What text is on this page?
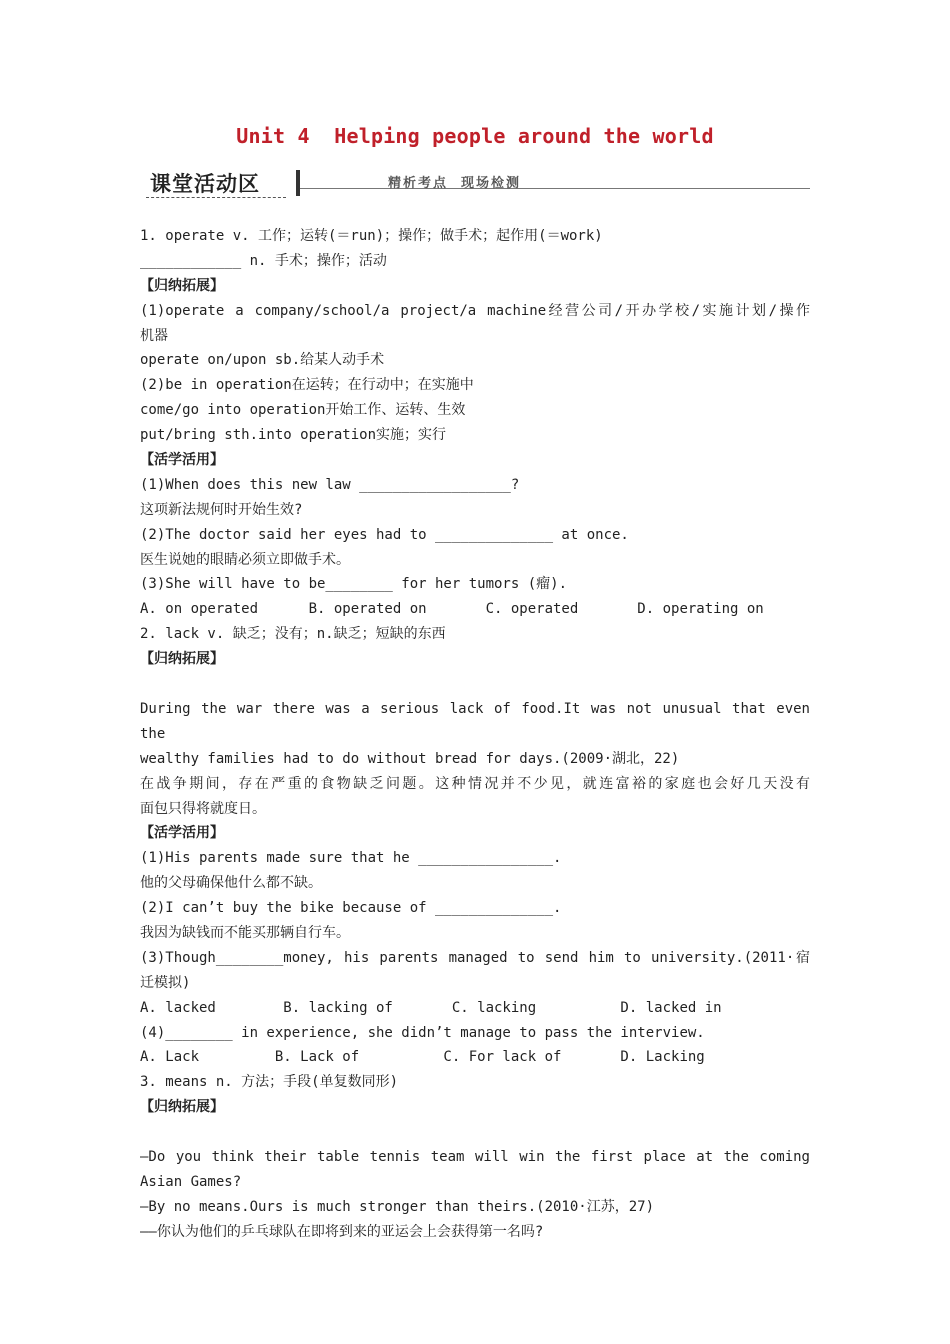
Unit 4  Helping people around the world
课堂活动区	精析考点  现场检测
1. operate v. 工作；运转(＝run)；操作；做手术；起作用(＝work)
____________ n. 手术；操作；活动
【归纳拓展】
(1)operate a company/school/a project/a machine经营公司/开办学校/实施计划/操作
机器
operate on/upon sb.给某人动手术
(2)be in operation在运转；在行动中；在实施中
come/go into operation开始工作、运转、生效
put/bring sth.into operation实施；实行
【活学活用】
(1)When does this new law __________________?
这项新法规何时开始生效?
(2)The doctor said her eyes had to ______________ at once.
医生说她的眼睛必须立即做手术。
(3)She will have to be________ for her tumors (瘤).
A. on operated      B. operated on       C. operated       D. operating on
2. lack v. 缺乏；没有；n.缺乏；短缺的东西
【归纳拓展】
During the war there was a serious lack of food.It was not unusual that even the
wealthy families had to do without bread for days.(2009·湖北，22)
在战争期间，存在严重的食物缺乏问题。这种情况并不少见，就连富裕的家庭也会好几天没有
面包只得将就度日。
【活学活用】
(1)His parents made sure that he ________________.
他的父母确保他什么都不缺。
(2)I can’t buy the bike because of ______________.
我因为缺钱而不能买那辆自行车。
(3)Though________money, his parents managed to send him to university.(2011·宿
迁模拟)
A. lacked        B. lacking of       C. lacking          D. lacked in
(4)________ in experience, she didn’t manage to pass the interview.
A. Lack         B. Lack of          C. For lack of       D. Lacking
3. means n. 方法；手段(单复数同形)
【归纳拓展】
—Do you think their table tennis team will win the first place at the coming
Asian Games?
—By no means.Ours is much stronger than theirs.(2010·江苏，27)
——你认为他们的乒乓球队在即将到来的亚运会上会获得第一名吗?
